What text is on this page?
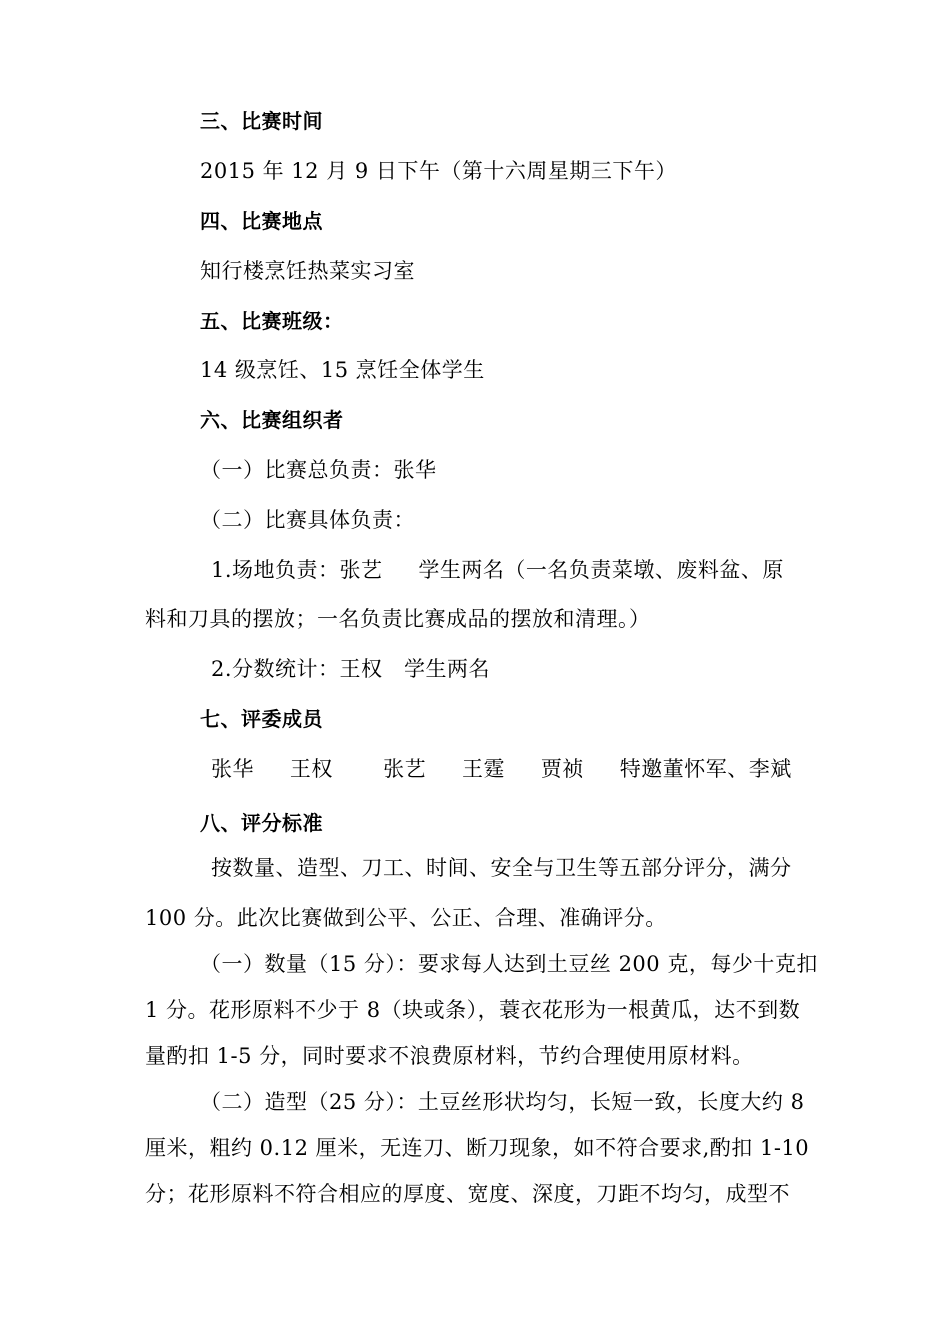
三、比赛时间
2015 年 12 月 9 日下午（第十六周星期三下午）
四、比赛地点
知行楼烹饪热菜实习室
五、比赛班级：
14 级烹饪、15 烹饪全体学生
六、比赛组织者
（一）比赛总负责：张华
（二）比赛具体负责：
1.场地负责：张艺     学生两名（一名负责菜墩、废料盆、原
料和刀具的摆放；一名负责比赛成品的摆放和清理。）
2.分数统计：王权   学生两名
七、评委成员
张华     王权       张艺     王霆     贾祯     特邀董怀军、李斌
八、评分标准
按数量、造型、刀工、时间、安全与卫生等五部分评分，满分
100 分。此次比赛做到公平、公正、合理、准确评分。
（一）数量（15 分）：要求每人达到土豆丝 200 克，每少十克扣
1 分。花形原料不少于 8（块或条），蓑衣花形为一根黄瓜，达不到数
量酌扣 1-5 分，同时要求不浪费原材料，节约合理使用原材料。
（二）造型（25 分）：土豆丝形状均匀，长短一致，长度大约 8
厘米，粗约 0.12 厘米，无连刀、断刀现象，如不符合要求,酌扣 1-10
分；花形原料不符合相应的厚度、宽度、深度，刀距不均匀，成型不
